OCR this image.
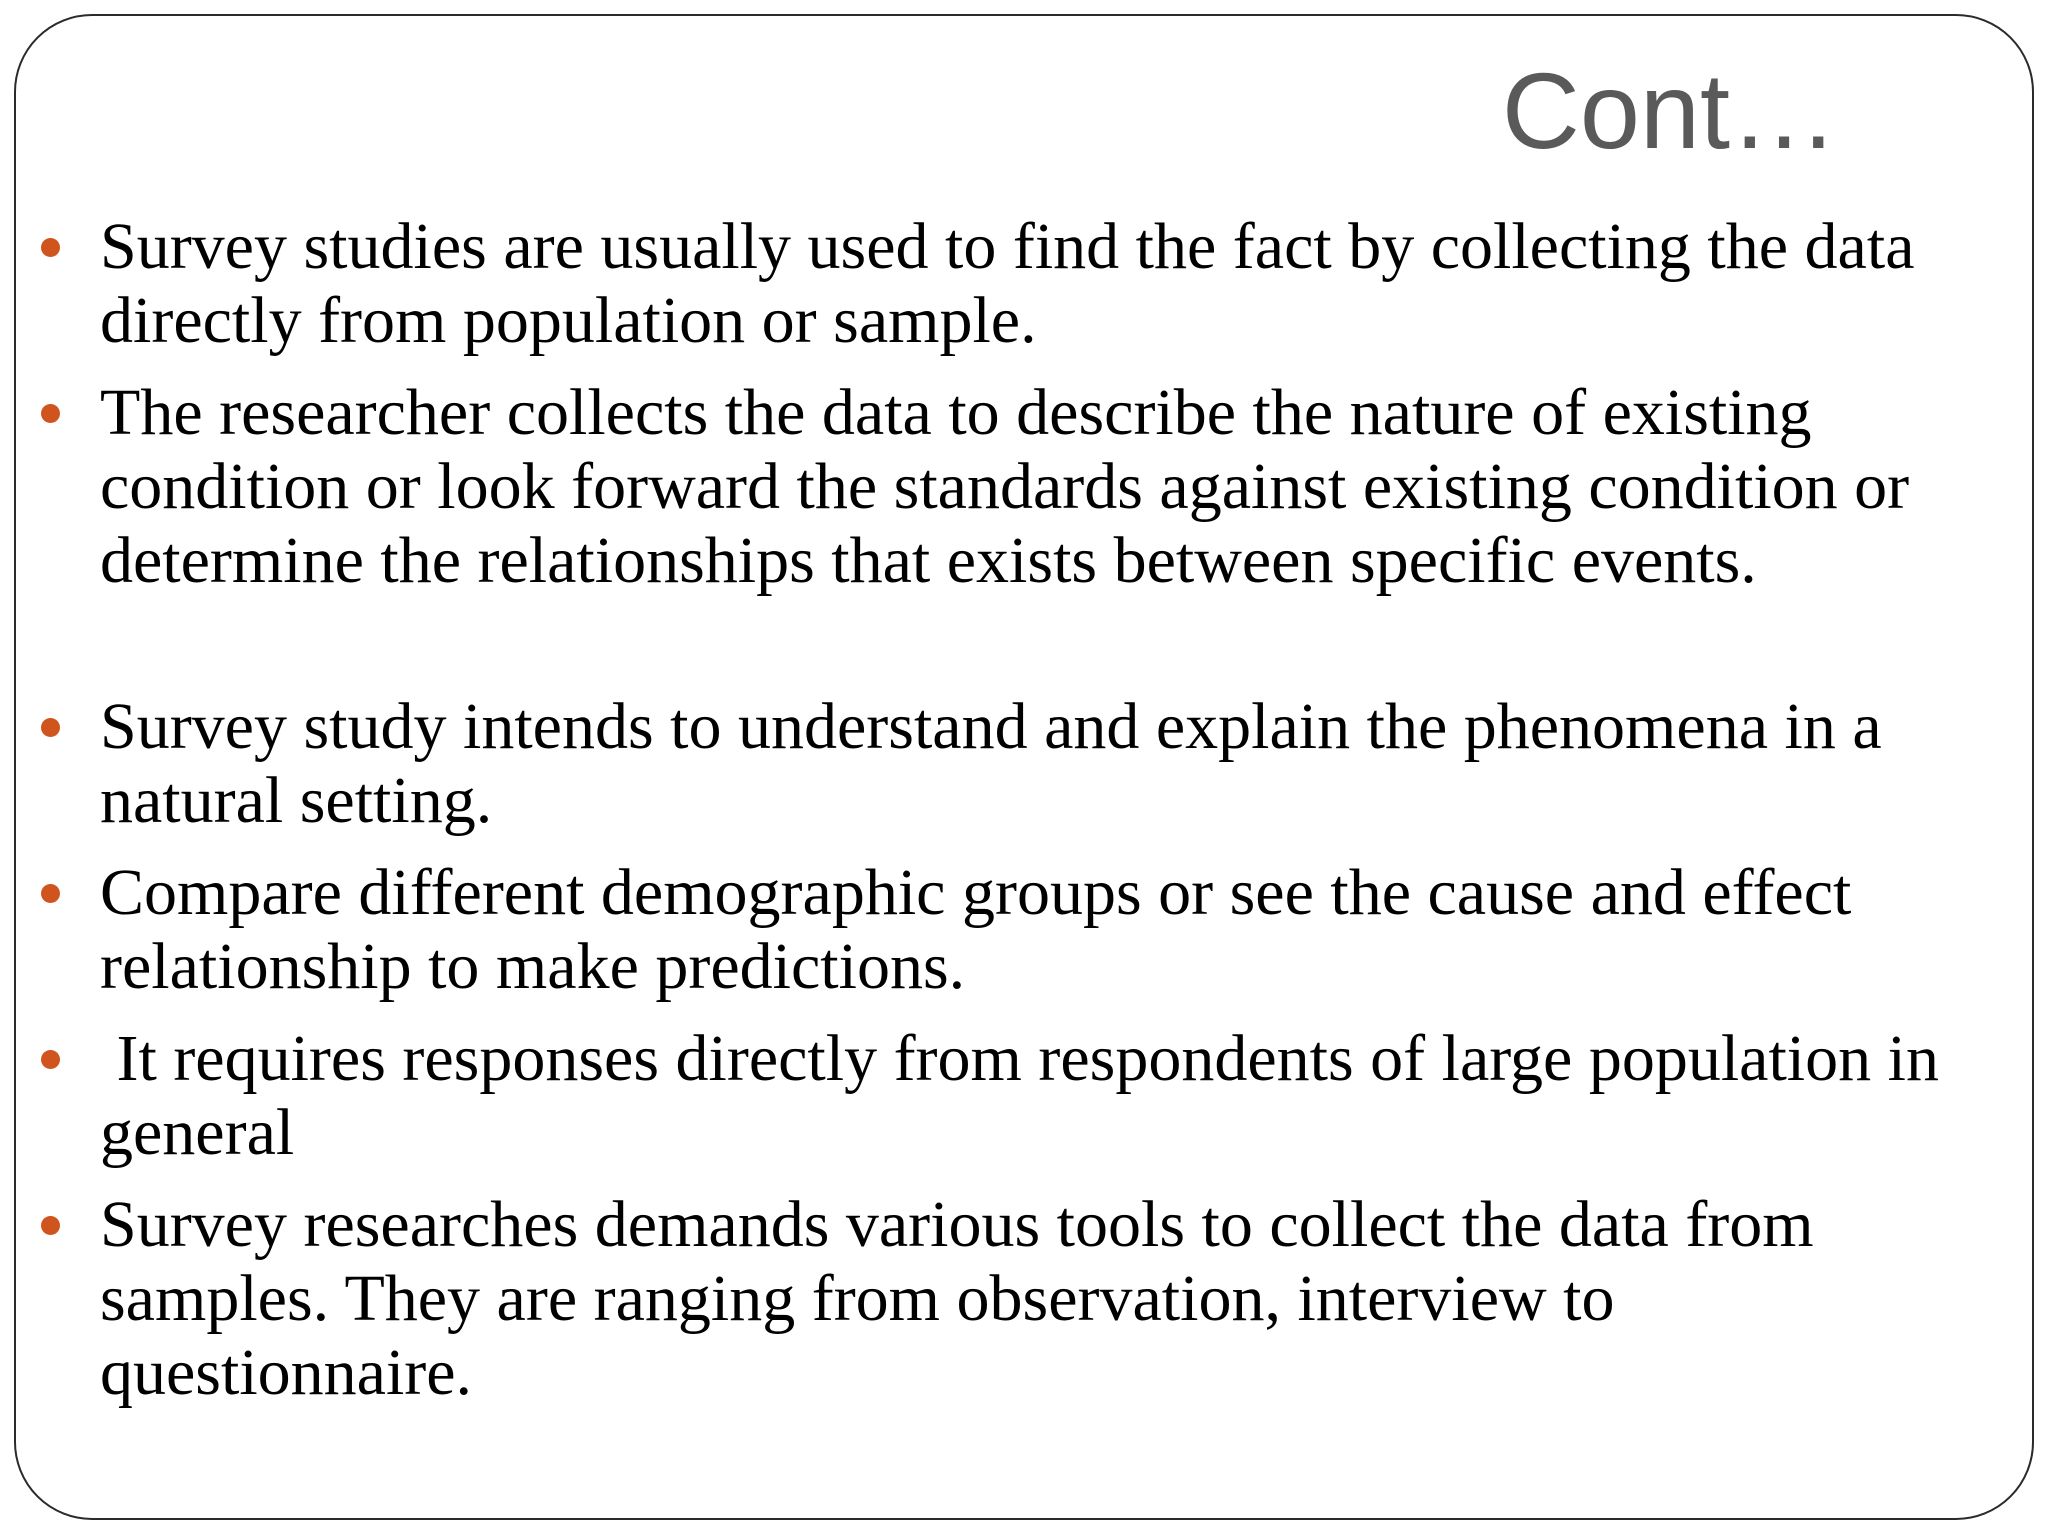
Cont…
Survey studies are usually used to find the fact by collecting the data directly from population or sample.
The researcher collects the data to describe the nature of existing condition or look forward the standards against existing condition or determine the relationships that exists between specific events.
Survey study intends to understand and explain the phenomena in a natural setting.
Compare different demographic groups or see the cause and effect relationship to make predictions.
It requires responses directly from respondents of large population in general
Survey researches demands various tools to collect the data from samples. They are ranging from observation, interview to questionnaire.
